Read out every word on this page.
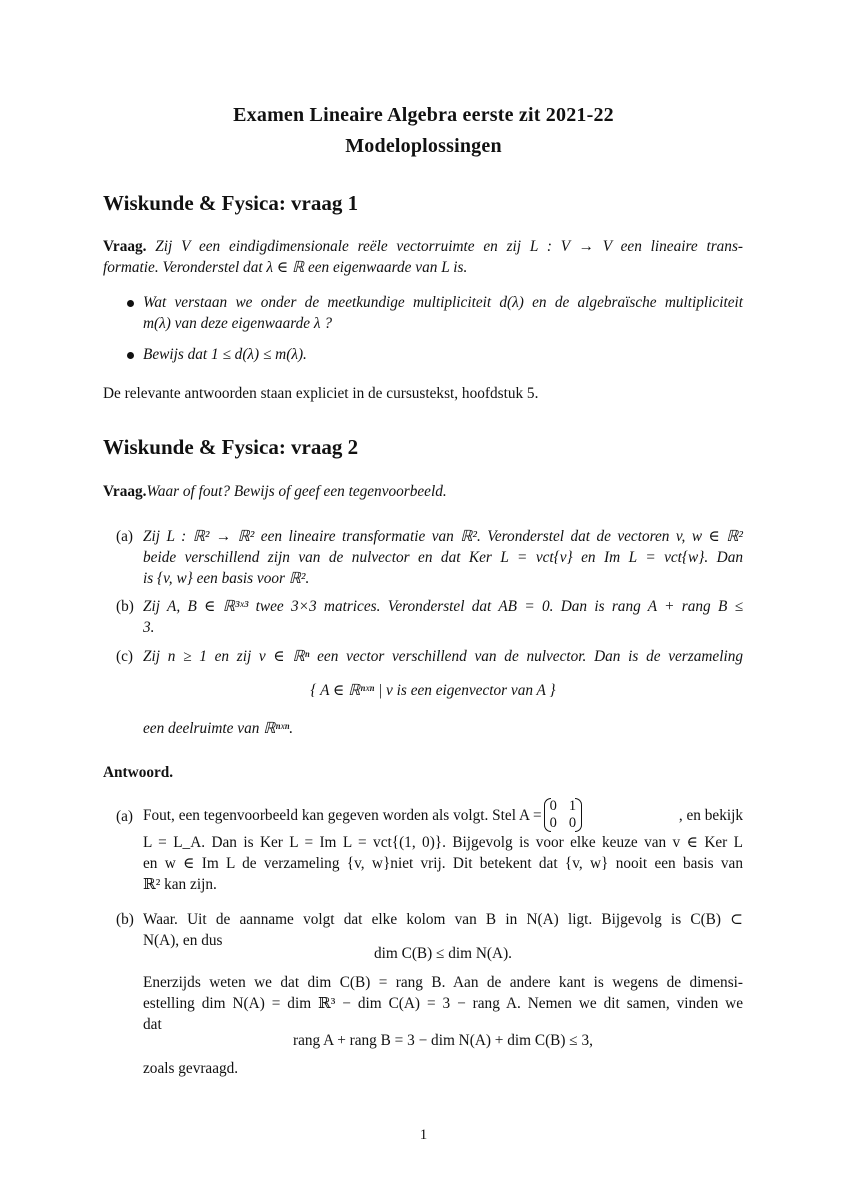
Examen Lineaire Algebra eerste zit 2021-22
Modeloplossingen
Wiskunde & Fysica: vraag 1
Vraag. Zij V een eindigdimensionale reële vectorruimte en zij L : V → V een lineaire trans-
formatie. Veronderstel dat λ ∈ ℝ een eigenwaarde van L is.
Wat verstaan we onder de meetkundige multipliciteit d(λ) en de algebraïsche multipliciteit
m(λ) van deze eigenwaarde λ ?
Bewijs dat 1 ≤ d(λ) ≤ m(λ).
De relevante antwoorden staan expliciet in de cursustekst, hoofdstuk 5.
Wiskunde & Fysica: vraag 2
Vraag.Waar of fout? Bewijs of geef een tegenvoorbeeld.
(a) Zij L : ℝ² → ℝ² een lineaire transformatie van ℝ². Veronderstel dat de vectoren v, w ∈ ℝ²
beide verschillend zijn van de nulvector en dat Ker L = vct{v} en Im L = vct{w}. Dan
is {v, w} een basis voor ℝ².
(b) Zij A, B ∈ ℝ³ˣ³ twee 3×3 matrices. Veronderstel dat AB = 0. Dan is rang A + rang B ≤
3.
(c) Zij n ≥ 1 en zij v ∈ ℝⁿ een vector verschillend van de nulvector. Dan is de verzameling
{ A ∈ ℝⁿˣⁿ | v is een eigenvector van A }
een deelruimte van ℝⁿˣⁿ.
Antwoord.
(a) Fout, een tegenvoorbeeld kan gegeven worden als volgt. Stel A =
0 1
0 0	, en bekijk
L = L_A. Dan is Ker L = Im L = vct{(1, 0)}. Bijgevolg is voor elke keuze van v ∈ Ker L
en w ∈ Im L de verzameling {v, w}niet vrij. Dit betekent dat {v, w} nooit een basis van
ℝ² kan zijn.
(b) Waar. Uit de aanname volgt dat elke kolom van B in N(A) ligt. Bijgevolg is C(B) ⊂
N(A), en dus
dim C(B) ≤ dim N(A).
Enerzijds weten we dat dim C(B) = rang B. Aan de andere kant is wegens de dimensi-
estelling dim N(A) = dim ℝ³ − dim C(A) = 3 − rang A. Nemen we dit samen, vinden we
dat
rang A + rang B = 3 − dim N(A) + dim C(B) ≤ 3,
zoals gevraagd.
1
